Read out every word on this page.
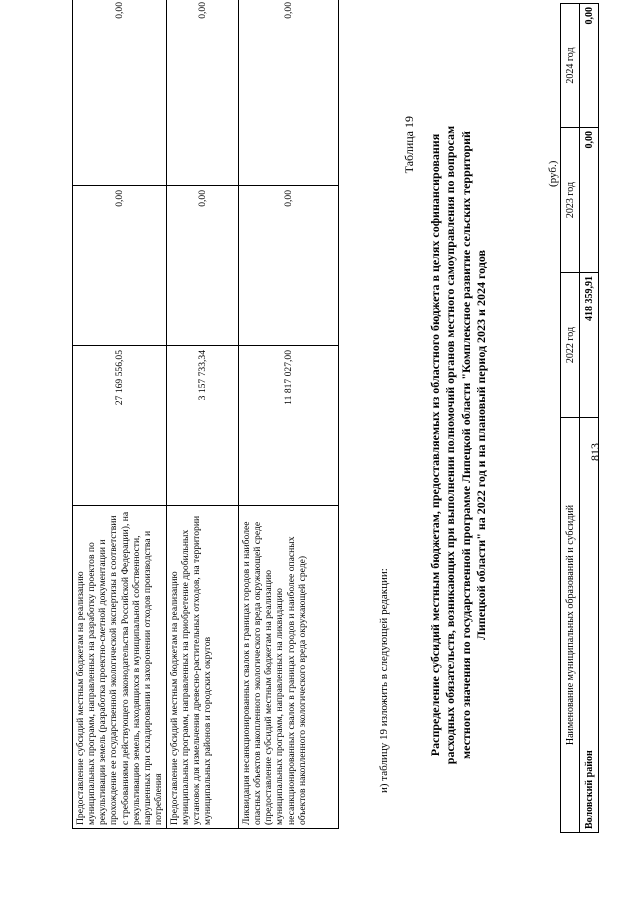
813
Предоставление субсидий местным бюджетам на реализацию муниципальных программ, направленных на разработку проектов по рекультивации земель (разработка проектно-сметной документации и прохождение ее государственной экологической экспертизы в соответствии с требованиями действующего законодательства Российской Федерации), на рекультивацию земель, находящихся в муниципальной собственности, нарушенных при складировании и захоронении отходов производства и потребления	27 169 556,05	0,00	0,00
Предоставление субсидий местным бюджетам на реализацию муниципальных программ, направленных на приобретение дробильных установок для измельчения древесно-растительных отходов, на территории муниципальных районов и городских округов	3 157 733,34	0,00	0,00
Ликвидация несанкционированных свалок в границах городов и наиболее опасных объектов накопленного экологического вреда окружающей среде (предоставление субсидий местным бюджетам на реализацию муниципальных программ, направленных на ликвидацию несанкционированных свалок в границах городов и наиболее опасных объектов накопленного экологического вреда окружающей среде)	11 817 027,00	0,00	0,00
и) таблицу 19 изложить в следующей редакции:
Таблица 19 Распределение субсидий местным бюджетам, предоставляемых из областного бюджета в целях софинансирования расходных обязательств, возникающих при выполнении полномочий органов местного самоуправления по вопросам местного значения по государственной программе Липецкой области "Комплексное развитие сельских территорий Липецкой области" на 2022 год и на плановый период 2023 и 2024 годов
(руб.)
Наименование муниципальных образований и субсидий	2022 год	2023 год	2024 год
Воловский район	418 359,91	0,00	0,00
